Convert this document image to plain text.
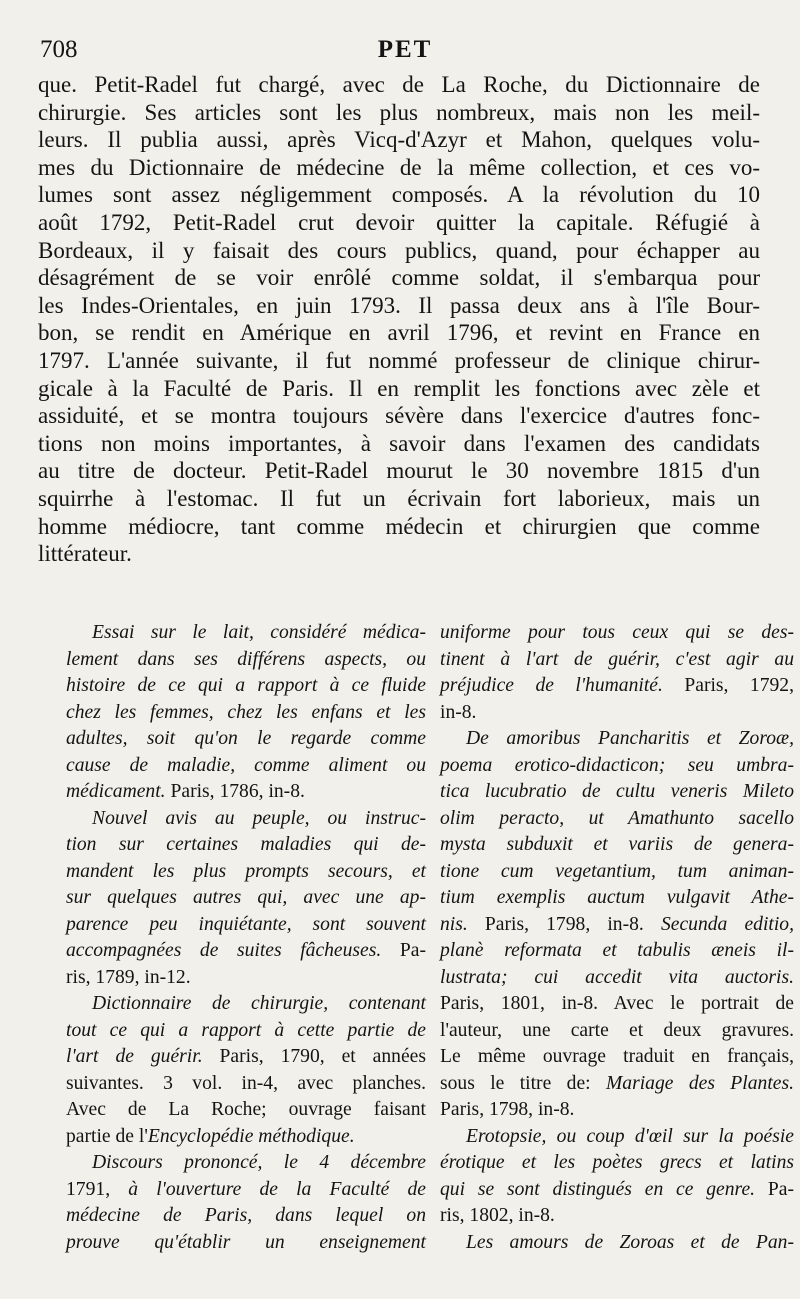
708	PET
que. Petit-Radel fut chargé, avec de La Roche, du Dictionnaire de
chirurgie. Ses articles sont les plus nombreux, mais non les meil-
leurs. Il publia aussi, après Vicq-d'Azyr et Mahon, quelques volu-
mes du Dictionnaire de médecine de la même collection, et ces vo-
lumes sont assez négligemment composés. A la révolution du 10
août 1792, Petit-Radel crut devoir quitter la capitale. Réfugié à
Bordeaux, il y faisait des cours publics, quand, pour échapper au
désagrément de se voir enrôlé comme soldat, il s'embarqua pour
les Indes-Orientales, en juin 1793. Il passa deux ans à l'île Bour-
bon, se rendit en Amérique en avril 1796, et revint en France en
1797. L'année suivante, il fut nommé professeur de clinique chirur-
gicale à la Faculté de Paris. Il en remplit les fonctions avec zèle et
assiduité, et se montra toujours sévère dans l'exercice d'autres fonc-
tions non moins importantes, à savoir dans l'examen des candidats
au titre de docteur. Petit-Radel mourut le 30 novembre 1815 d'un
squirrhe à l'estomac. Il fut un écrivain fort laborieux, mais un
homme médiocre, tant comme médecin et chirurgien que comme
littérateur.
Essai sur le lait, considéré médica-
lement dans ses différens aspects, ou
histoire de ce qui a rapport à ce fluide
chez les femmes, chez les enfans et les
adultes, soit qu'on le regarde comme
cause de maladie, comme aliment ou
médicament. Paris, 1786, in-8.
Nouvel avis au peuple, ou instruc-
tion sur certaines maladies qui de-
mandent les plus prompts secours, et
sur quelques autres qui, avec une ap-
parence peu inquiétante, sont souvent
accompagnées de suites fâcheuses. Pa-
ris, 1789, in-12.
Dictionnaire de chirurgie, contenant
tout ce qui a rapport à cette partie de
l'art de guérir. Paris, 1790, et années
suivantes. 3 vol. in-4, avec planches.
Avec de La Roche; ouvrage faisant
partie de l'Encyclopédie méthodique.
Discours prononcé, le 4 décembre
1791, à l'ouverture de la Faculté de
médecine de Paris, dans lequel on
prouve qu'établir un enseignement
uniforme pour tous ceux qui se des-
tinent à l'art de guérir, c'est agir au
préjudice de l'humanité. Paris, 1792,
in-8.
De amoribus Pancharitis et Zoroæ,
poema erotico-didacticon; seu umbra-
tica lucubratio de cultu veneris Mileto
olim peracto, ut Amathunto sacello
mysta subduxit et variis de genera-
tione cum vegetantium, tum animan-
tium exemplis auctum vulgavit Athe-
nis. Paris, 1798, in-8. Secunda editio,
planè reformata et tabulis æneis il-
lustrata; cui accedit vita auctoris.
Paris, 1801, in-8. Avec le portrait de
l'auteur, une carte et deux gravures.
Le même ouvrage traduit en français,
sous le titre de: Mariage des Plantes.
Paris, 1798, in-8.
Erotopsie, ou coup d'œil sur la poésie
érotique et les poètes grecs et latins
qui se sont distingués en ce genre. Pa-
ris, 1802, in-8.
Les amours de Zoroas et de Pan-
